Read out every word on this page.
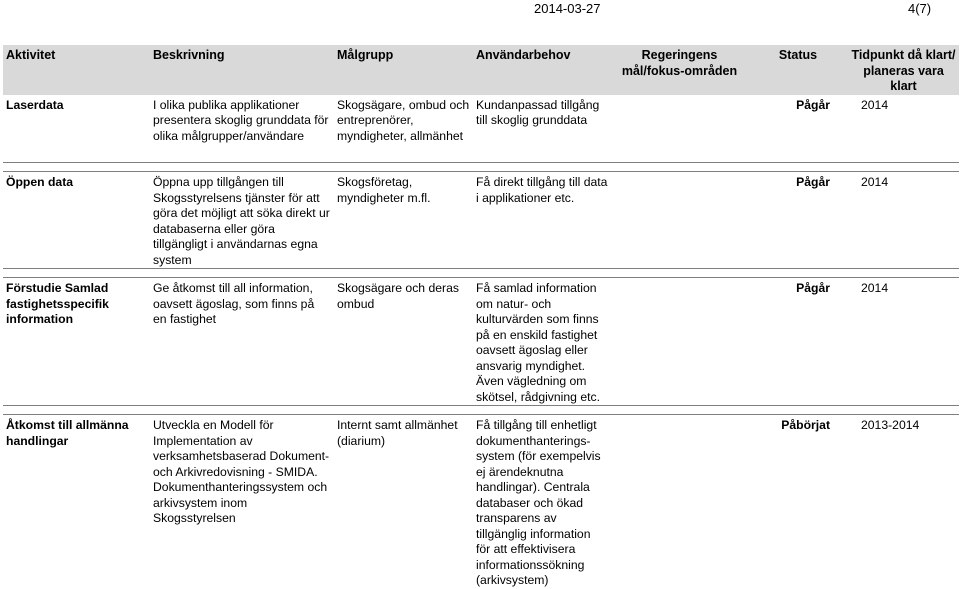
2014-03-27	4(7)
Aktivitet	Beskrivning	Målgrupp	Användarbehov	Regeringens mål/fokus-områden	Status	Tidpunkt då klart/ planeras vara klart
Laserdata	I olika publika applikationer presentera skoglig grunddata för olika målgrupper/användare	Skogsägare, ombud och entreprenörer, myndigheter, allmänhet	Kundanpassad tillgång till skoglig grunddata		Pågår	2014

Öppen data	Öppna upp tillgången till Skogsstyrelsens tjänster för att göra det möjligt att söka direkt ur databaserna eller göra tillgängligt i användarnas egna system	Skogsföretag, myndigheter m.fl.	Få direkt tillgång till data i applikationer etc.		Pågår	2014

Förstudie Samlad fastighetsspecifik information	Ge åtkomst till all information, oavsett ägoslag, som finns på en fastighet	Skogsägare och deras ombud	Få samlad information om natur- och kulturvärden som finns på en enskild fastighet oavsett ägoslag eller ansvarig myndighet. Även vägledning om skötsel, rådgivning etc.		Pågår	2014

Åtkomst till allmänna handlingar	Utveckla en Modell för Implementation av verksamhetsbaserad Dokument- och Arkivredovisning - SMIDA. Dokumenthanteringssystem och arkivsystem inom Skogsstyrelsen	Internt samt allmänhet (diarium)	Få tillgång till enhetligt dokumenthanterings-system (för exempelvis ej ärendeknutna handlingar). Centrala databaser och ökad transparens av tillgänglig information för att effektivisera informationssökning (arkivsystem)		Påbörjat	2013-2014
